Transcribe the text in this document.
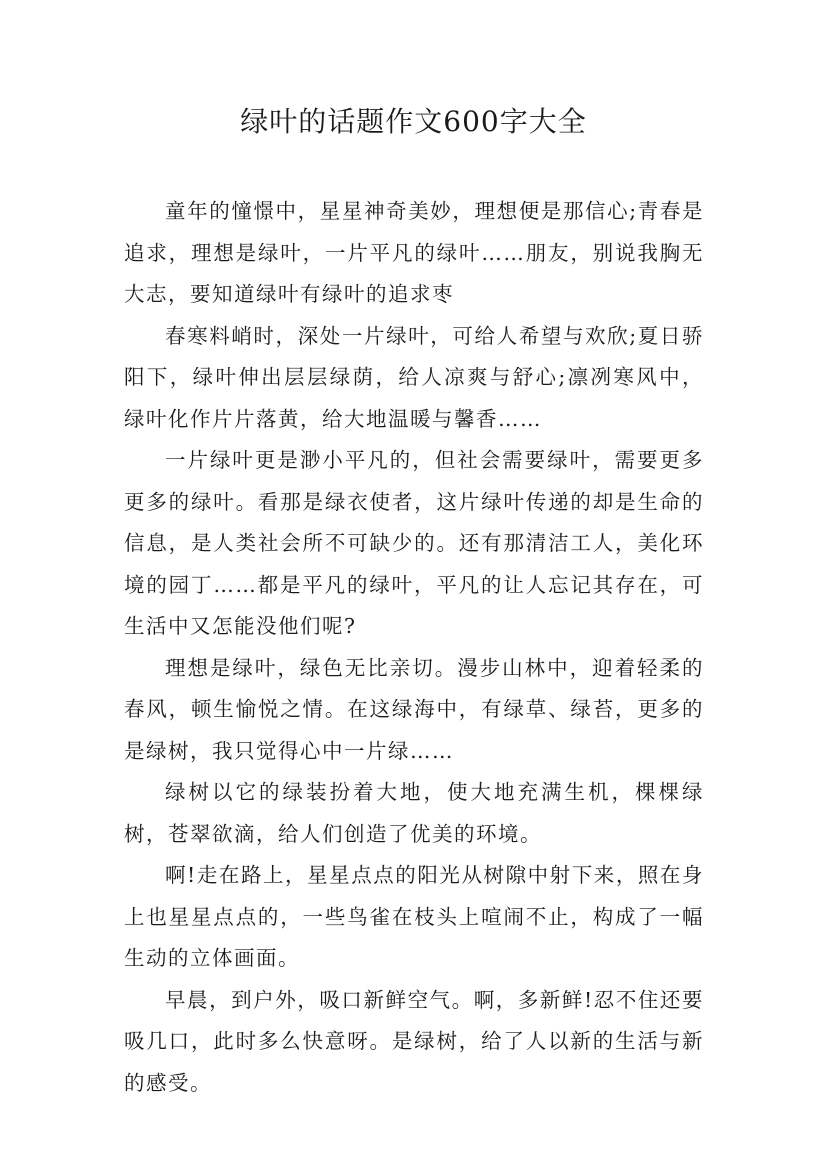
绿叶的话题作文600字大全

童年的憧憬中，星星神奇美妙，理想便是那信心;青春是追求，理想是绿叶，一片平凡的绿叶……朋友，别说我胸无大志，要知道绿叶有绿叶的追求枣

春寒料峭时，深处一片绿叶，可给人希望与欢欣;夏日骄阳下，绿叶伸出层层绿荫，给人凉爽与舒心;凛冽寒风中，绿叶化作片片落黄，给大地温暖与馨香……

一片绿叶更是渺小平凡的，但社会需要绿叶，需要更多更多的绿叶。看那是绿衣使者，这片绿叶传递的却是生命的信息，是人类社会所不可缺少的。还有那清洁工人，美化环境的园丁……都是平凡的绿叶，平凡的让人忘记其存在，可生活中又怎能没他们呢?

理想是绿叶，绿色无比亲切。漫步山林中，迎着轻柔的春风，顿生愉悦之情。在这绿海中，有绿草、绿苔，更多的是绿树，我只觉得心中一片绿……

绿树以它的绿装扮着大地，使大地充满生机，棵棵绿树，苍翠欲滴，给人们创造了优美的环境。

啊!走在路上，星星点点的阳光从树隙中射下来，照在身上也星星点点的，一些鸟雀在枝头上喧闹不止，构成了一幅生动的立体画面。

早晨，到户外，吸口新鲜空气。啊，多新鲜!忍不住还要吸几口，此时多么快意呀。是绿树，给了人以新的生活与新的感受。
